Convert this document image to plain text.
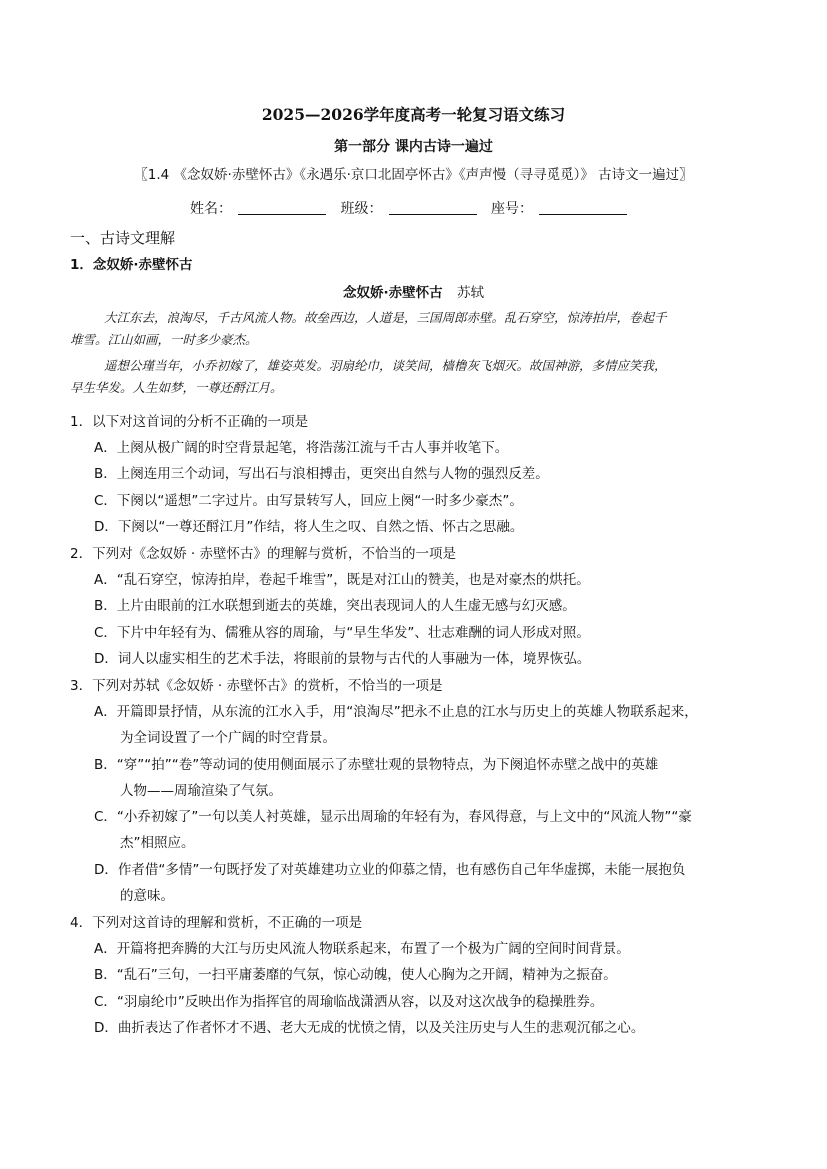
2025—2026学年度高考一轮复习语文练习
第一部分 课内古诗一遍过
〖1.4 《念奴娇·赤壁怀古》《永遇乐·京口北固亭怀古》《声声慢（寻寻觅觅）》 古诗文一遍过〗
姓名：	班级：	座号：
一、古诗文理解
1．念奴娇·赤壁怀古
念奴娇·赤壁怀古 苏轼
大江东去，浪淘尽，千古风流人物。故垒西边，人道是，三国周郎赤壁。乱石穿空，惊涛拍岸，卷起千
堆雪。江山如画，一时多少豪杰。
遥想公瑾当年，小乔初嫁了，雄姿英发。羽扇纶巾，谈笑间，樯橹灰飞烟灭。故国神游，多情应笑我，
早生华发。人生如梦，一尊还酹江月。
1．以下对这首词的分析不正确的一项是
A．上阕从极广阔的时空背景起笔，将浩荡江流与千古人事并收笔下。
B．上阕连用三个动词，写出石与浪相搏击，更突出自然与人物的强烈反差。
C．下阕以“遥想”二字过片。由写景转写人，回应上阕“一时多少豪杰”。
D．下阕以“一尊还酹江月”作结，将人生之叹、自然之悟、怀古之思融。
2．下列对《念奴娇 · 赤壁怀古》的理解与赏析，不恰当的一项是
A．“乱石穿空，惊涛拍岸，卷起千堆雪”，既是对江山的赞美，也是对豪杰的烘托。
B．上片由眼前的江水联想到逝去的英雄，突出表现词人的人生虚无感与幻灭感。
C．下片中年轻有为、儒雅从容的周瑜，与“早生华发”、壮志难酬的词人形成对照。
D．词人以虚实相生的艺术手法，将眼前的景物与古代的人事融为一体，境界恢弘。
3．下列对苏轼《念奴娇 · 赤壁怀古》的赏析，不恰当的一项是
A．开篇即景抒情，从东流的江水入手，用“浪淘尽”把永不止息的江水与历史上的英雄人物联系起来，
为全词设置了一个广阔的时空背景。
B．“穿”“拍”“卷”等动词的使用侧面展示了赤壁壮观的景物特点，为下阕追怀赤壁之战中的英雄
人物——周瑜渲染了气氛。
C．“小乔初嫁了”一句以美人衬英雄，显示出周瑜的年轻有为，春风得意，与上文中的“风流人物”“豪
杰”相照应。
D．作者借“多情”一句既抒发了对英雄建功立业的仰慕之情，也有感伤自己年华虚掷，未能一展抱负
的意味。
4．下列对这首诗的理解和赏析，不正确的一项是
A．开篇将把奔腾的大江与历史风流人物联系起来，布置了一个极为广阔的空间时间背景。
B．“乱石”三句，一扫平庸萎靡的气氛，惊心动魄，使人心胸为之开阔，精神为之振奋。
C．“羽扇纶巾”反映出作为指挥官的周瑜临战潇洒从容，以及对这次战争的稳操胜券。
D．曲折表达了作者怀才不遇、老大无成的忧愤之情，以及关注历史与人生的悲观沉郁之心。
